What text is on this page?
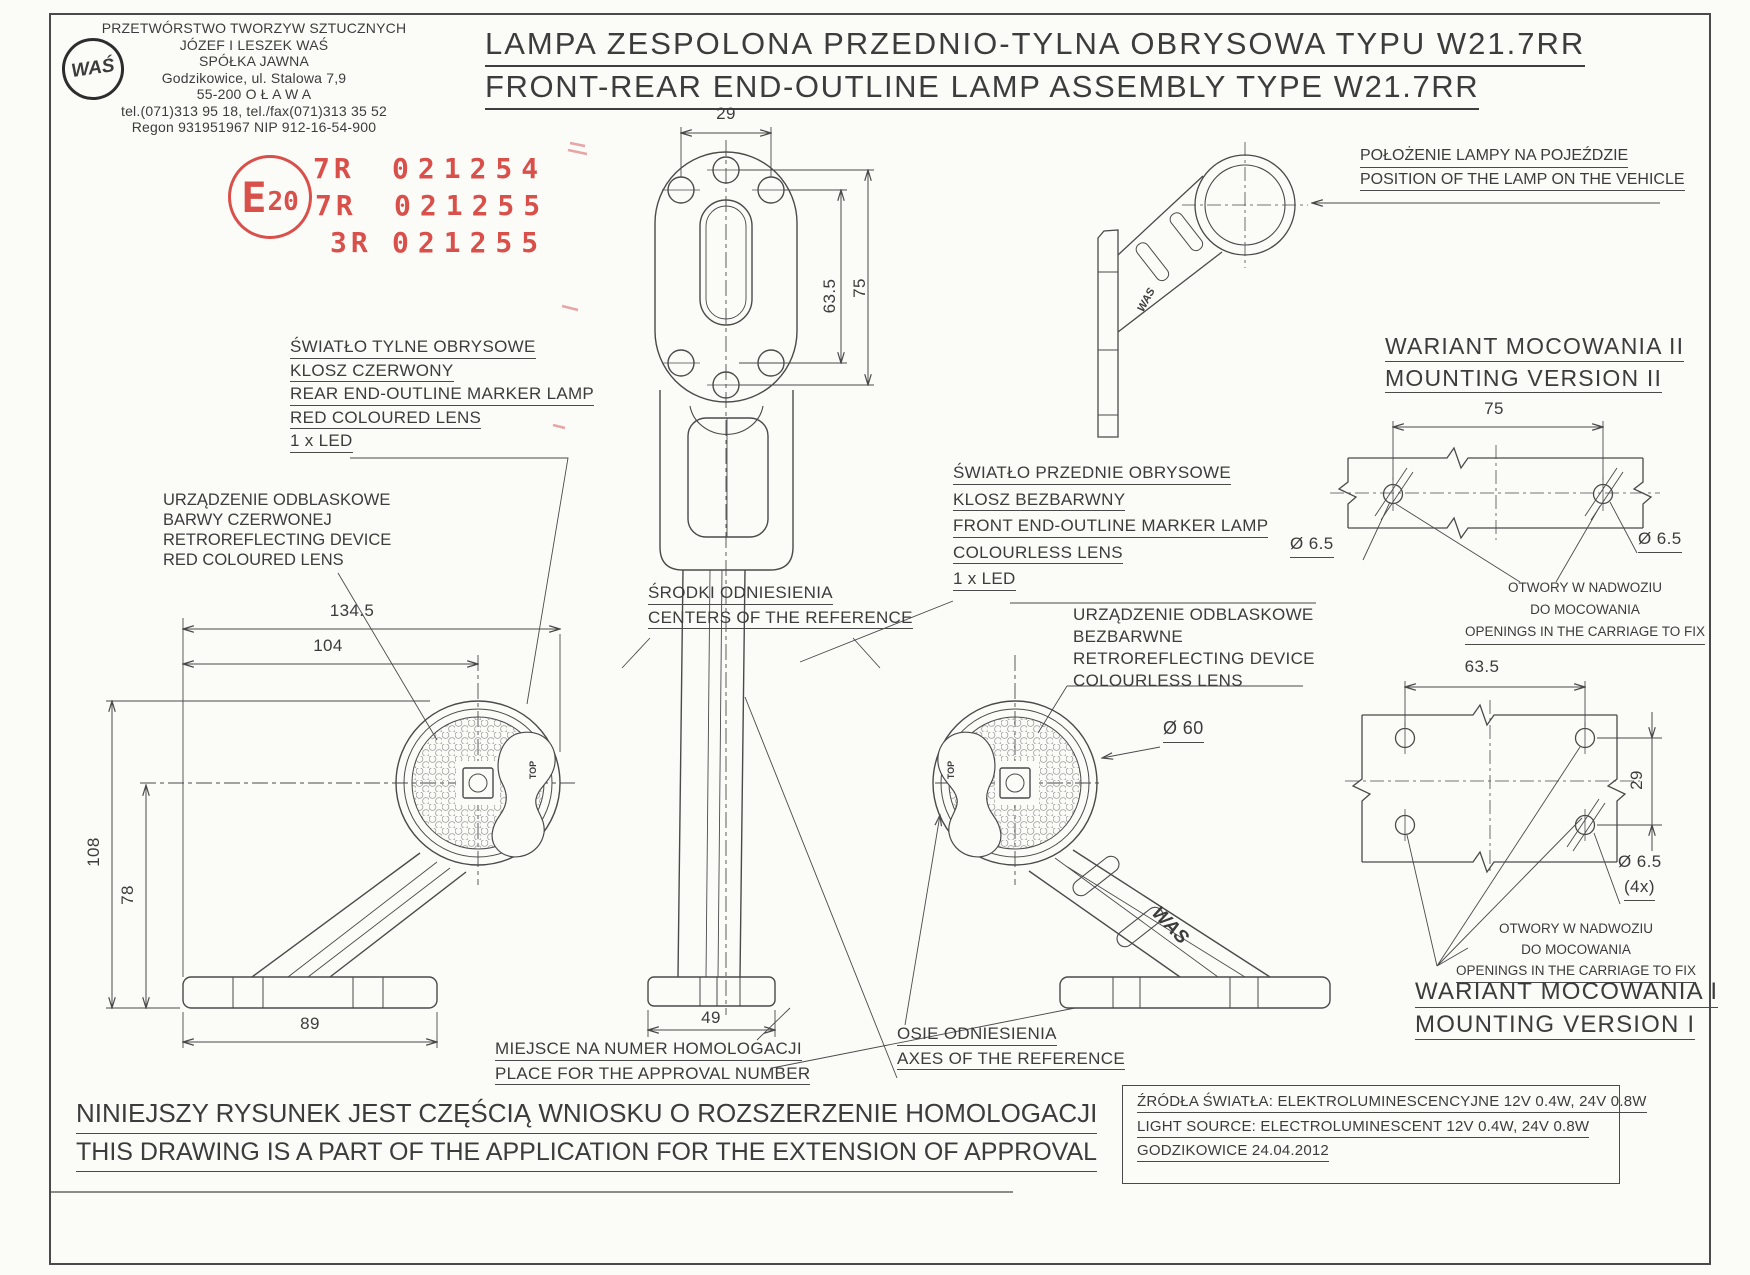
PRZETWÓRSTWO TWORZYW SZTUCZNYCH
JÓZEF I LESZEK WAŚ
SPÓŁKA JAWNA
Godzikowice, ul. Stalowa 7,9
55-200 O Ł A W A
tel.(071)313 95 18, tel./fax(071)313 35 52
Regon 931951967 NIP 912-16-54-900
WAŚ
LAMPA ZESPOLONA PRZEDNIO-TYLNA OBRYSOWA TYPU W21.7RR
FRONT-REAR END-OUTLINE LAMP ASSEMBLY TYPE W21.7RR
E 20
7R 021254
7R 021255
3R 021255
ŚWIATŁO TYLNE OBRYSOWE
KLOSZ CZERWONY
REAR END-OUTLINE MARKER LAMP
RED COLOURED LENS
1 x LED
URZĄDZENIE ODBLASKOWE
BARWY CZERWONEJ
RETROREFLECTING DEVICE
RED COLOURED LENS
ŚRODKI ODNIESIENIA
CENTERS OF THE REFERENCE
ŚWIATŁO PRZEDNIE OBRYSOWE
KLOSZ BEZBARWNY
FRONT END-OUTLINE MARKER LAMP
COLOURLESS LENS
1 x LED
URZĄDZENIE ODBLASKOWE
BEZBARWNE
RETROREFLECTING DEVICE
COLOURLESS LENS
POŁOŻENIE LAMPY NA POJEŹDZIE
POSITION OF THE LAMP ON THE VEHICLE
WARIANT MOCOWANIA II
MOUNTING VERSION II
OTWORY W NADWOZIU
DO MOCOWANIA
OPENINGS IN THE CARRIAGE TO FIX
OTWORY W NADWOZIU
DO MOCOWANIA
OPENINGS IN THE CARRIAGE TO FIX
WARIANT MOCOWANIA I
MOUNTING VERSION I
MIEJSCE NA NUMER HOMOLOGACJI
PLACE FOR THE APPROVAL NUMBER
OSIE ODNIESIENIA
AXES OF THE REFERENCE
29
63.5 75
134.5
104
108
78
89	49
Ø 60
75
Ø 6.5	Ø 6.5
63.5
29
Ø 6.5
(4x)
TOP	TOP
WAS
WAS
NINIEJSZY RYSUNEK JEST CZĘŚCIĄ WNIOSKU O ROZSZERZENIE HOMOLOGACJI
THIS DRAWING IS A PART OF THE APPLICATION FOR THE EXTENSION OF APPROVAL
ŹRÓDŁA ŚWIATŁA: ELEKTROLUMINESCENCYJNE 12V 0.4W, 24V 0.8W
LIGHT SOURCE: ELECTROLUMINESCENT 12V 0.4W, 24V 0.8W
GODZIKOWICE 24.04.2012
